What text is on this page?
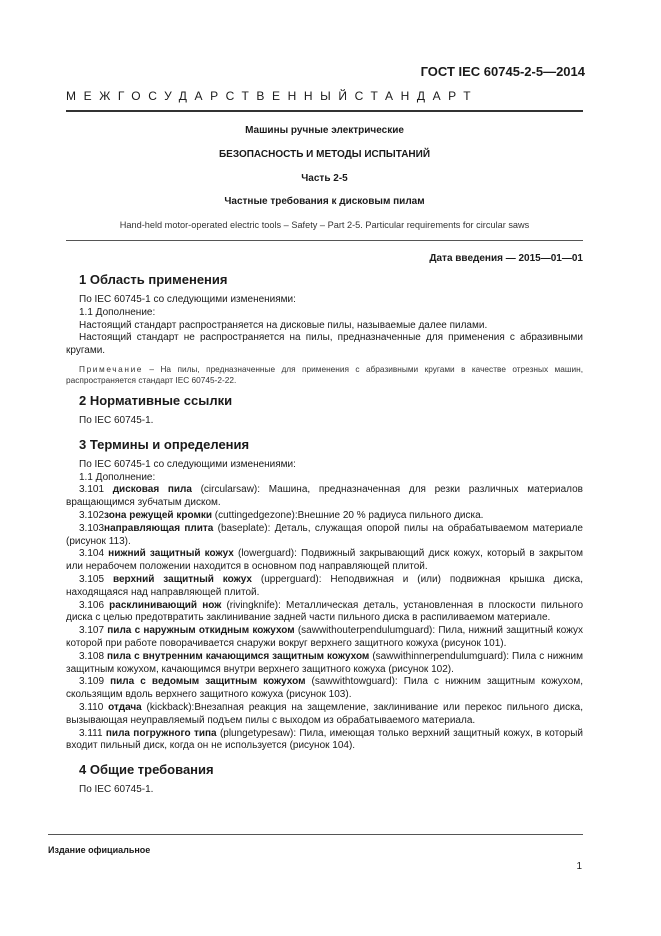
ГОСТ IEC 60745-2-5—2014
МЕЖГОСУДАРСТВЕННЫЙСТАНДАРТ
Машины ручные электрические
БЕЗОПАСНОСТЬ И МЕТОДЫ ИСПЫТАНИЙ
Часть 2-5
Частные требования к дисковым пилам
Hand-held motor-operated electric tools – Safety – Part 2-5. Particular requirements for circular saws
Дата введения — 2015—01—01
1 Область применения

По IEC 60745-1 со следующими изменениями:

1.1 Дополнение:

Настоящий стандарт распространяется на дисковые пилы, называемые далее пилами.

Настоящий стандарт не распространяется на пилы, предназначенные для применения с абразивными кругами.

Примечание – На пилы, предназначенные для применения с абразивными кругами в качестве отрезных машин, распространяется стандарт IEC 60745-2-22.

2 Нормативные ссылки

По IEC 60745-1.

3 Термины и определения

По IEC 60745-1 со следующими изменениями:

1.1 Дополнение:

3.101 дисковая пила (circularsaw): Машина, предназначенная для резки различных материалов вращающимся зубчатым диском.

3.102зона режущей кромки (cuttingedgezone):Внешние 20 % радиуса пильного диска.

3.103направляющая плита (baseplate): Деталь, служащая опорой пилы на обрабатываемом материале (рисунок 113).

3.104 нижний защитный кожух (lowerguard): Подвижный закрывающий диск кожух, который в закрытом или нерабочем положении находится в основном под направляющей плитой.

3.105 верхний защитный кожух (upperguard): Неподвижная и (или) подвижная крышка диска, находящаяся над направляющей плитой.

3.106 расклинивающий нож (rivingknife): Металлическая деталь, установленная в плоскости пильного диска с целью предотвратить заклинивание задней части пильного диска в распиливаемом материале.

3.107 пила с наружным откидным кожухом (sawwithouterpendulumguard): Пила, нижний защитный кожух которой при работе поворачивается снаружи вокруг верхнего защитного кожуха (рисунок 101).

3.108 пила с внутренним качающимся защитным кожухом (sawwithinnerpendulumguard): Пила с нижним защитным кожухом, качающимся внутри верхнего защитного кожуха (рисунок 102).

3.109 пила с ведомым защитным кожухом (sawwithtowguard): Пила с нижним защитным кожухом, скользящим вдоль верхнего защитного кожуха (рисунок 103).

3.110 отдача (kickback):Внезапная реакция на защемление, заклинивание или перекос пильного диска, вызывающая неуправляемый подъем пилы с выходом из обрабатываемого материала.

3.111 пила погружного типа (plungetypesaw): Пила, имеющая только верхний защитный кожух, в который входит пильный диск, когда он не используется (рисунок 104).

4 Общие требования

По IEC 60745-1.

Издание официальное
1
